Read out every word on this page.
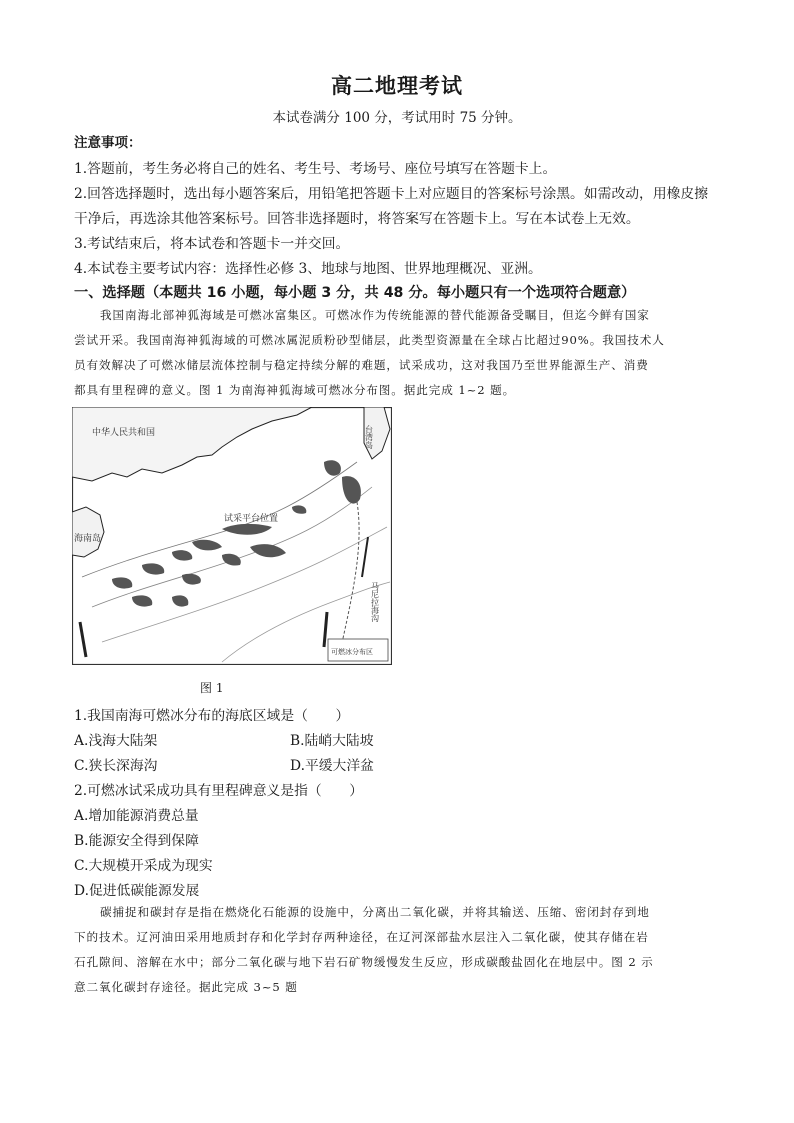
高二地理考试
本试卷满分 100 分，考试用时 75 分钟。
注意事项：
1.答题前，考生务必将自己的姓名、考生号、考场号、座位号填写在答题卡上。
2.回答选择题时，选出每小题答案后，用铅笔把答题卡上对应题目的答案标号涂黑。如需改动，用橡皮擦
干净后，再选涂其他答案标号。回答非选择题时，将答案写在答题卡上。写在本试卷上无效。
3.考试结束后，将本试卷和答题卡一并交回。
4.本试卷主要考试内容：选择性必修 3、地球与地图、世界地理概况、亚洲。
一、选择题（本题共 16 小题，每小题 3 分，共 48 分。每小题只有一个选项符合题意）
我国南海北部神狐海域是可燃冰富集区。可燃冰作为传统能源的替代能源备受瞩目，但迄今鲜有国家
尝试开采。我国南海神狐海域的可燃冰属泥质粉砂型储层，此类型资源量在全球占比超过90%。我国技术人
员有效解决了可燃冰储层流体控制与稳定持续分解的难题，试采成功，这对我国乃至世界能源生产、消费
都具有里程碑的意义。图 1 为南海神狐海域可燃冰分布图。据此完成 1~2 题。
中华人民共和国	台湾岛
海南岛
试采平台位置
马尼拉海沟
可燃冰分布区
图 1
1.我国南海可燃冰分布的海底区域是（　　）
A.浅海大陆架	B.陆峭大陆坡
C.狭长深海沟	D.平缓大洋盆
2.可燃冰试采成功具有里程碑意义是指（　　）
A.增加能源消费总量
B.能源安全得到保障
C.大规模开采成为现实
D.促进低碳能源发展
碳捕捉和碳封存是指在燃烧化石能源的设施中，分离出二氧化碳，并将其输送、压缩、密闭封存到地
下的技术。辽河油田采用地质封存和化学封存两种途径，在辽河深部盐水层注入二氧化碳，使其存储在岩
石孔隙间、溶解在水中；部分二氧化碳与地下岩石矿物缓慢发生反应，形成碳酸盐固化在地层中。图 2 示
意二氧化碳封存途径。据此完成 3~5 题
